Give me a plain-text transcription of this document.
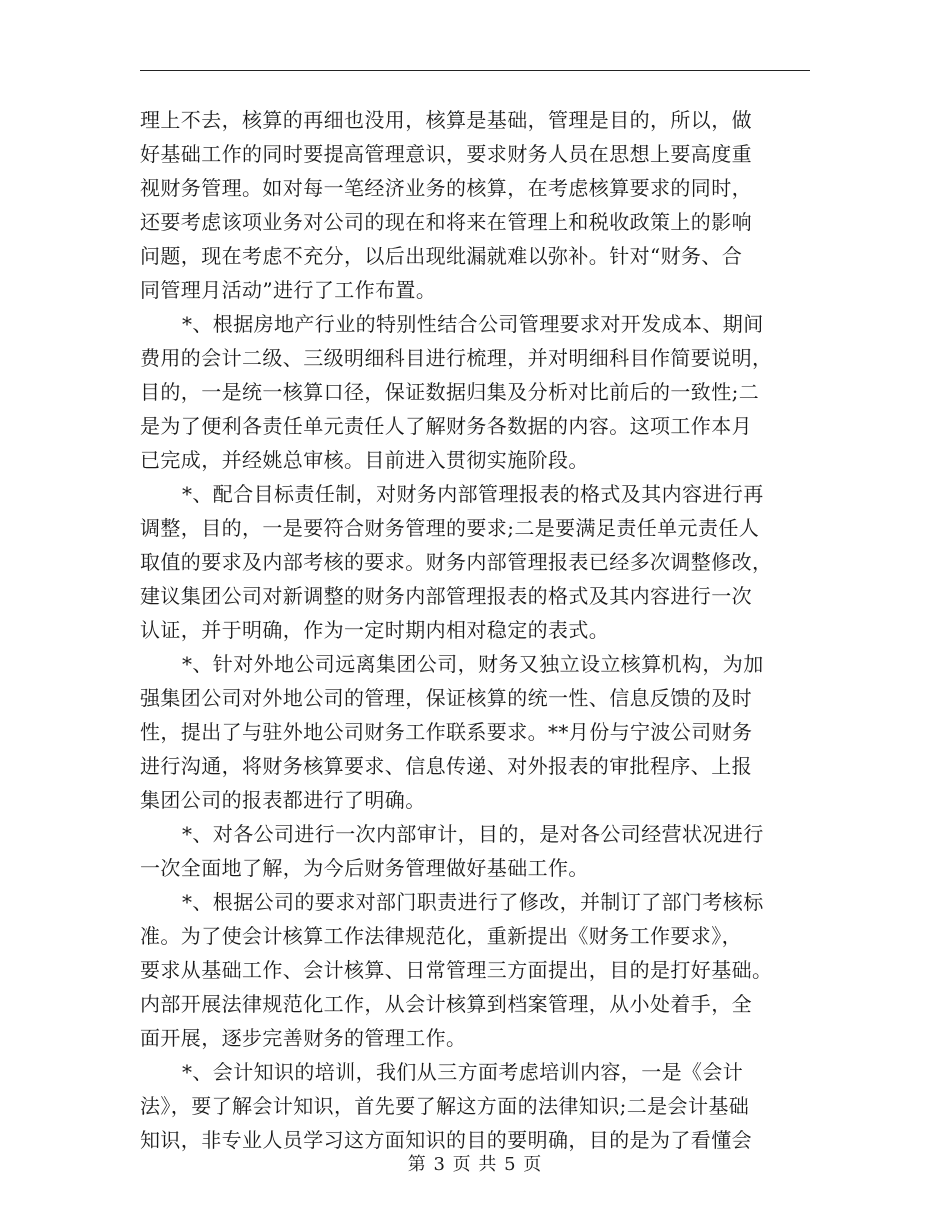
理上不去，核算的再细也没用，核算是基础，管理是目的，所以，做
好基础工作的同时要提高管理意识，要求财务人员在思想上要高度重
视财务管理。如对每一笔经济业务的核算，在考虑核算要求的同时，
还要考虑该项业务对公司的现在和将来在管理上和税收政策上的影响
问题，现在考虑不充分，以后出现纰漏就难以弥补。针对“财务、合
同管理月活动”进行了工作布置。
*、根据房地产行业的特别性结合公司管理要求对开发成本、期间
费用的会计二级、三级明细科目进行梳理，并对明细科目作简要说明，
目的，一是统一核算口径，保证数据归集及分析对比前后的一致性;二
是为了便利各责任单元责任人了解财务各数据的内容。这项工作本月
已完成，并经姚总审核。目前进入贯彻实施阶段。
*、配合目标责任制，对财务内部管理报表的格式及其内容进行再
调整，目的，一是要符合财务管理的要求;二是要满足责任单元责任人
取值的要求及内部考核的要求。财务内部管理报表已经多次调整修改，
建议集团公司对新调整的财务内部管理报表的格式及其内容进行一次
认证，并于明确，作为一定时期内相对稳定的表式。
*、针对外地公司远离集团公司，财务又独立设立核算机构，为加
强集团公司对外地公司的管理，保证核算的统一性、信息反馈的及时
性，提出了与驻外地公司财务工作联系要求。**月份与宁波公司财务
进行沟通，将财务核算要求、信息传递、对外报表的审批程序、上报
集团公司的报表都进行了明确。
*、对各公司进行一次内部审计，目的，是对各公司经营状况进行
一次全面地了解，为今后财务管理做好基础工作。
*、根据公司的要求对部门职责进行了修改，并制订了部门考核标
准。为了使会计核算工作法律规范化，重新提出《财务工作要求》，
要求从基础工作、会计核算、日常管理三方面提出，目的是打好基础。
内部开展法律规范化工作，从会计核算到档案管理，从小处着手，全
面开展，逐步完善财务的管理工作。
*、会计知识的培训，我们从三方面考虑培训内容，一是《会计
法》，要了解会计知识，首先要了解这方面的法律知识;二是会计基础
知识，非专业人员学习这方面知识的目的要明确，目的是为了看懂会
第 3 页 共 5 页
